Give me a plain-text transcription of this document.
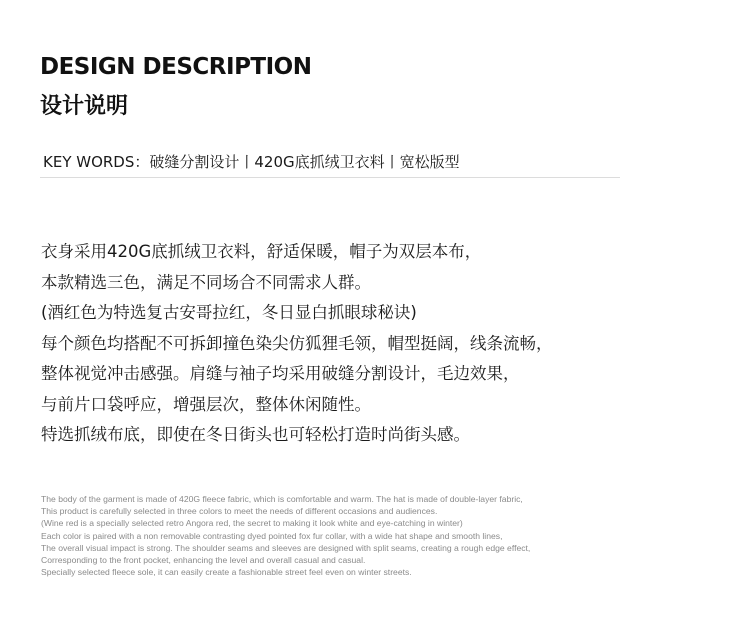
DESIGN DESCRIPTION
设计说明
KEY WORDS：破缝分割设计丨420G底抓绒卫衣料丨宽松版型
衣身采用420G底抓绒卫衣料，舒适保暖，帽子为双层本布，
本款精选三色，满足不同场合不同需求人群。
(酒红色为特选复古安哥拉红，冬日显白抓眼球秘诀)
每个颜色均搭配不可拆卸撞色染尖仿狐狸毛领，帽型挺阔，线条流畅，
整体视觉冲击感强。肩缝与袖子均采用破缝分割设计，毛边效果，
与前片口袋呼应，增强层次，整体休闲随性。
特选抓绒布底，即使在冬日街头也可轻松打造时尚街头感。
The body of the garment is made of 420G fleece fabric, which is comfortable and warm. The hat is made of double-layer fabric,
This product is carefully selected in three colors to meet the needs of different occasions and audiences.
(Wine red is a specially selected retro Angora red, the secret to making it look white and eye-catching in winter)
Each color is paired with a non removable contrasting dyed pointed fox fur collar, with a wide hat shape and smooth lines,
The overall visual impact is strong. The shoulder seams and sleeves are designed with split seams, creating a rough edge effect,
Corresponding to the front pocket, enhancing the level and overall casual and casual.
Specially selected fleece sole, it can easily create a fashionable street feel even on winter streets.
